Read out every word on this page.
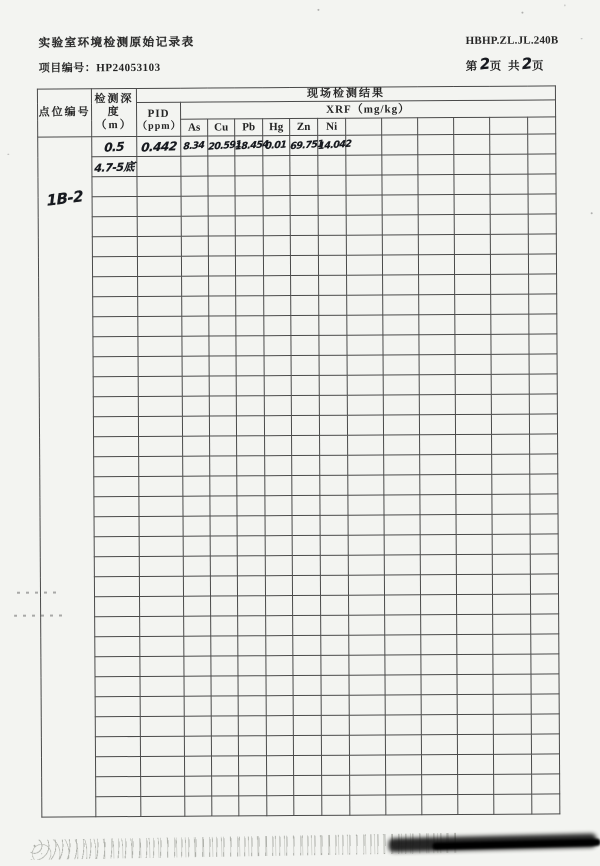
实验室环境检测原始记录表
项目编号：HP24053103
HBHP.ZL.JL.240B
第2页 共2页
点位编号	检测深度（m）	现场检测结果												

		PID
（ppm）	XRF（mg/kg）											
			As	Cu	Pb	Hg	Zn	Ni						
1B-2	0.5	0.442	8.34	20.591	18.454	0.01	69.751	14.042						
	4.7-5底													
